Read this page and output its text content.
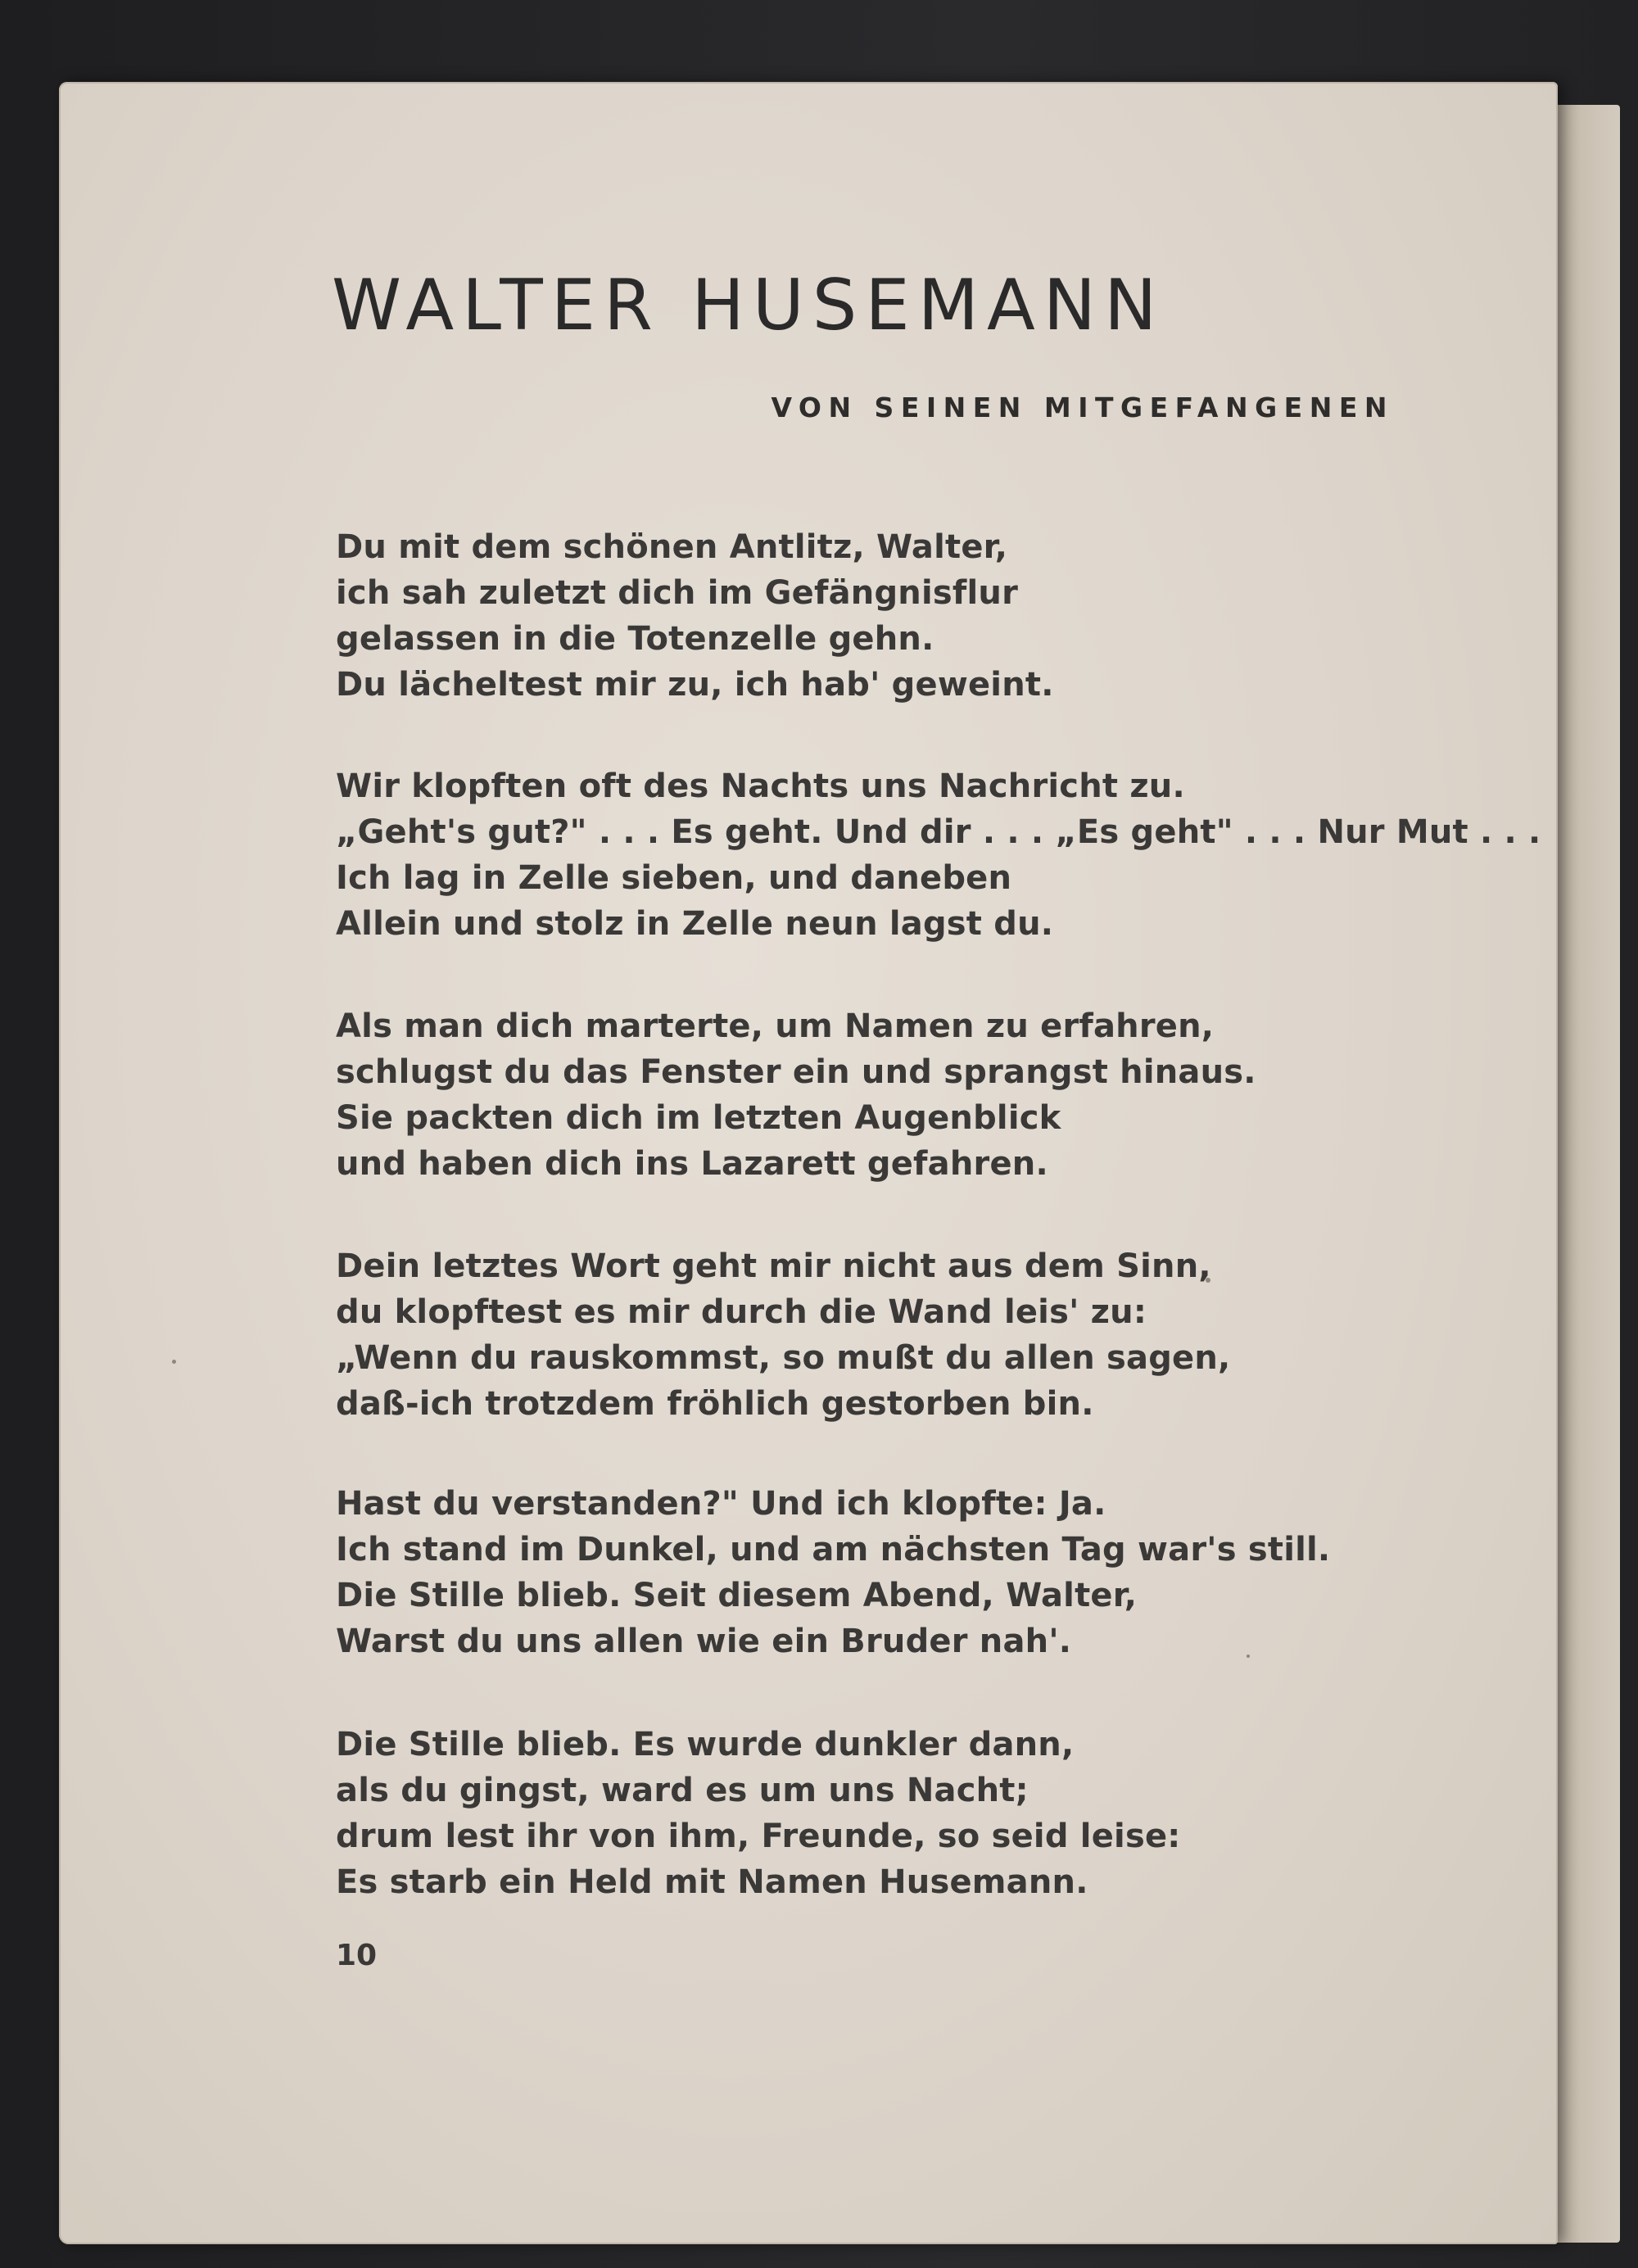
WALTER HUSEMANN
VON SEINEN MITGEFANGENEN
Du mit dem schönen Antlitz, Walter,
ich sah zuletzt dich im Gefängnisflur
gelassen in die Totenzelle gehn.
Du lächeltest mir zu, ich hab' geweint.
Wir klopften oft des Nachts uns Nachricht zu.
„Geht's gut?" . . . Es geht. Und dir . . . „Es geht" . . . Nur Mut . . .
Ich lag in Zelle sieben, und daneben
Allein und stolz in Zelle neun lagst du.
Als man dich marterte, um Namen zu erfahren,
schlugst du das Fenster ein und sprangst hinaus.
Sie packten dich im letzten Augenblick
und haben dich ins Lazarett gefahren.
Dein letztes Wort geht mir nicht aus dem Sinn,
du klopftest es mir durch die Wand leis' zu:
„Wenn du rauskommst, so mußt du allen sagen,
daß-ich trotzdem fröhlich gestorben bin.
Hast du verstanden?" Und ich klopfte: Ja.
Ich stand im Dunkel, und am nächsten Tag war's still.
Die Stille blieb. Seit diesem Abend, Walter,
Warst du uns allen wie ein Bruder nah'.
Die Stille blieb. Es wurde dunkler dann,
als du gingst, ward es um uns Nacht;
drum lest ihr von ihm, Freunde, so seid leise:
Es starb ein Held mit Namen Husemann.
10
